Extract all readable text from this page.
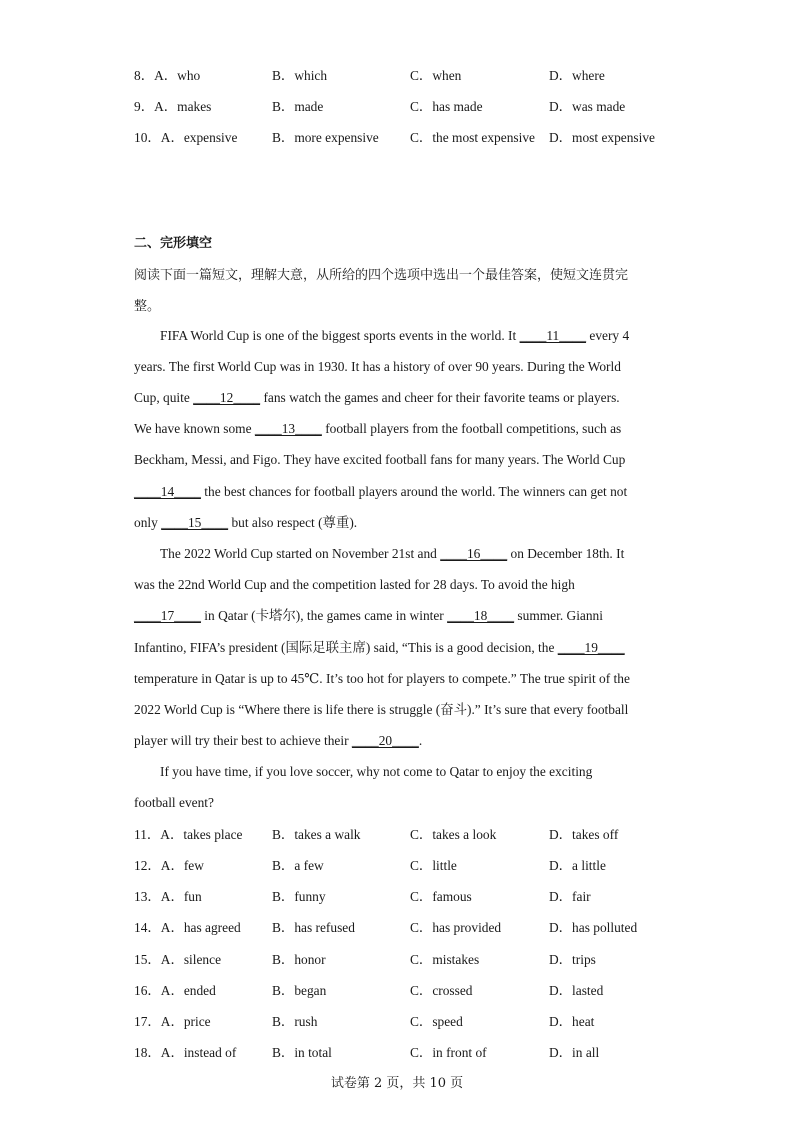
8．A．who	B．which	C．when	D．where
9．A．makes	B．made	C．has made	D．was made
10．A．expensive	B．more expensive C．the most expensive D．most expensive
二、完形填空
阅读下面一篇短文，理解大意，从所给的四个选项中选出一个最佳答案，使短文连贯完
整。
FIFA World Cup is one of the biggest sports events in the world. It ____11____ every 4
years. The first World Cup was in 1930. It has a history of over 90 years. During the World
Cup, quite ____12____ fans watch the games and cheer for their favorite teams or players.
We have known some ____13____ football players from the football competitions, such as
Beckham, Messi, and Figo. They have excited football fans for many years. The World Cup
____14____ the best chances for football players around the world. The winners can get not
only ____15____ but also respect (尊重).
The 2022 World Cup started on November 21st and ____16____ on December 18th. It
was the 22nd World Cup and the competition lasted for 28 days. To avoid the high
____17____ in Qatar (卡塔尔), the games came in winter ____18____ summer. Gianni
Infantino, FIFA’s president (国际足联主席) said, “This is a good decision, the ____19____
temperature in Qatar is up to 45℃. It’s too hot for players to compete.” The true spirit of the
2022 World Cup is “Where there is life there is struggle (奋斗).” It’s sure that every football
player will try their best to achieve their ____20____.
If you have time, if you love soccer, why not come to Qatar to enjoy the exciting
football event?
11．A．takes place B．takes a walk	C．takes a look	D．takes off
12．A．few	B．a few	C．little	D．a little
13．A．fun	B．funny	C．famous	D．fair
14．A．has agreed B．has refused	C．has provided	D．has polluted
15．A．silence	B．honor	C．mistakes	D．trips
16．A．ended	B．began	C．crossed	D．lasted
17．A．price	B．rush	C．speed	D．heat
18．A．instead of	B．in total	C．in front of	D．in all
试卷第 2 页，共 10 页
